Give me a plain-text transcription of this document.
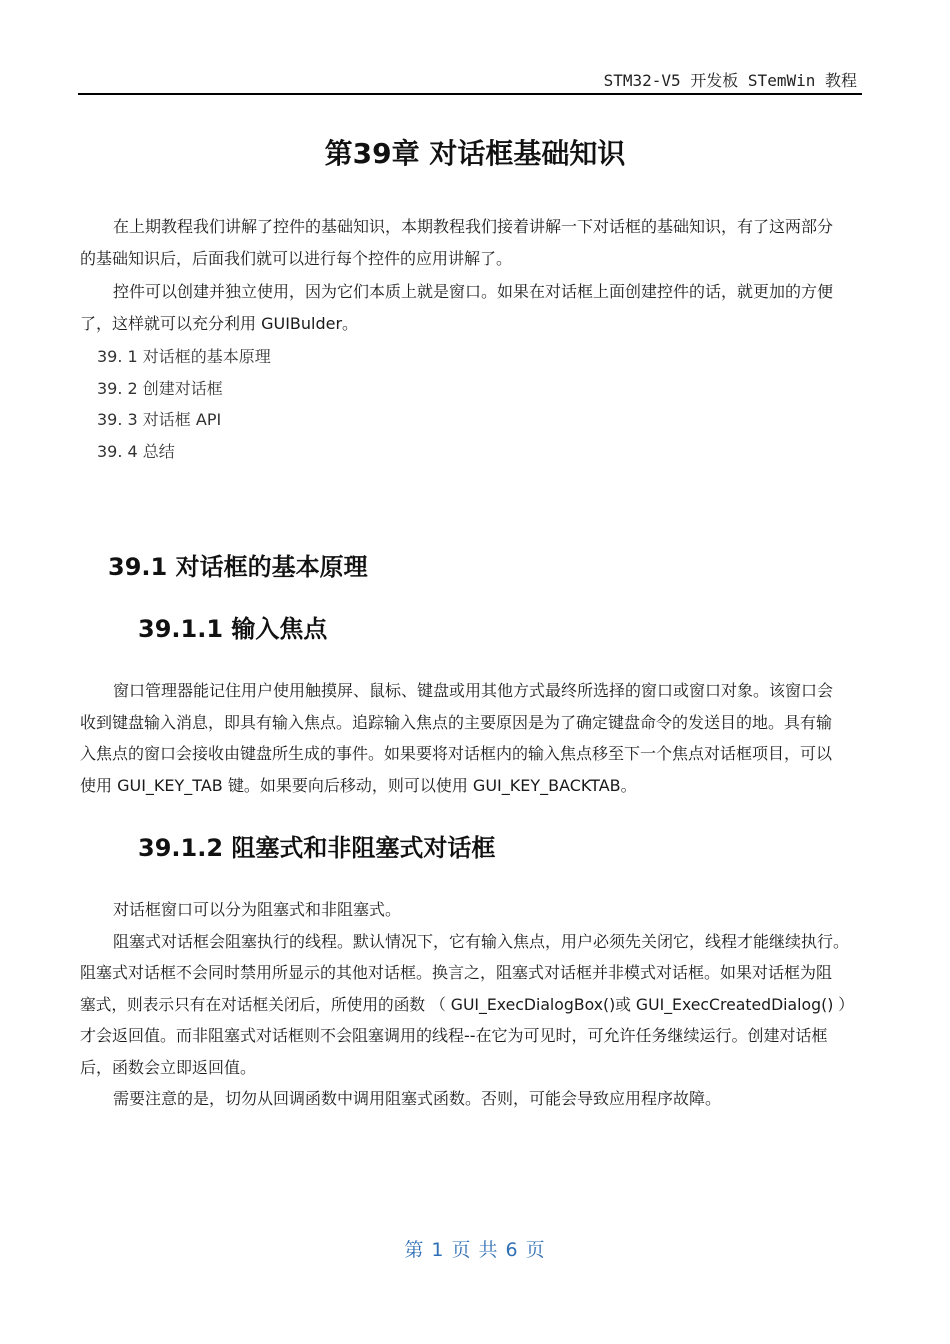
STM32-V5 开发板 STemWin 教程
第39章 对话框基础知识
在上期教程我们讲解了控件的基础知识，本期教程我们接着讲解一下对话框的基础知识，有了这两部分
的基础知识后，后面我们就可以进行每个控件的应用讲解了。
控件可以创建并独立使用，因为它们本质上就是窗口。如果在对话框上面创建控件的话，就更加的方便
了，这样就可以充分利用 GUIBulder。
39. 1 对话框的基本原理
39. 2 创建对话框
39. 3 对话框 API
39. 4 总结
39.1 对话框的基本原理
39.1.1 输入焦点
窗口管理器能记住用户使用触摸屏、鼠标、键盘或用其他方式最终所选择的窗口或窗口对象。该窗口会
收到键盘输入消息，即具有输入焦点。追踪输入焦点的主要原因是为了确定键盘命令的发送目的地。具有输
入焦点的窗口会接收由键盘所生成的事件。如果要将对话框内的输入焦点移至下一个焦点对话框项目，可以
使用 GUI_KEY_TAB 键。如果要向后移动，则可以使用 GUI_KEY_BACKTAB。
39.1.2 阻塞式和非阻塞式对话框
对话框窗口可以分为阻塞式和非阻塞式。
阻塞式对话框会阻塞执行的线程。默认情况下，它有输入焦点，用户必须先关闭它，线程才能继续执行。
阻塞式对话框不会同时禁用所显示的其他对话框。换言之，阻塞式对话框并非模式对话框。如果对话框为阻
塞式，则表示只有在对话框关闭后，所使用的函数 （ GUI_ExecDialogBox()或 GUI_ExecCreatedDialog() ）
才会返回值。而非阻塞式对话框则不会阻塞调用的线程--在它为可见时，可允许任务继续运行。创建对话框
后，函数会立即返回值。
需要注意的是，切勿从回调函数中调用阻塞式函数。否则，可能会导致应用程序故障。
第 1 页 共 6 页
